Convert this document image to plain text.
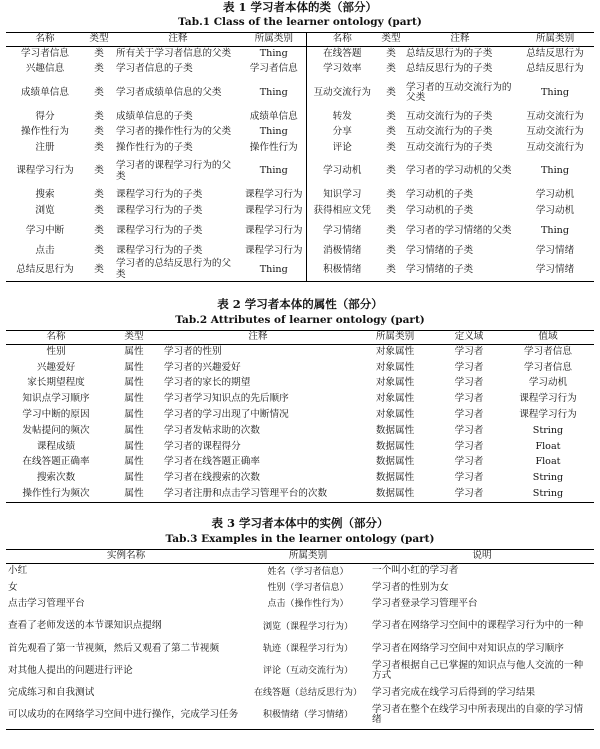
表 1 学习者本体的类（部分）
Tab.1 Class of the learner ontology (part)
名称	类型	注释	所属类别	名称	类型	注释	所属类别
学习者信息	类	所有关于学习者信息的父类	Thing	在线答题	类	总结反思行为的子类	总结反思行为
兴趣信息	类	学习者信息的子类	学习者信息	学习效率	类	总结反思行为的子类	总结反思行为
成绩单信息	类	学习者成绩单信息的父类	Thing	互动交流行为	类	学习者的互动交流行为的父类	Thing
得分	类	成绩单信息的子类	成绩单信息	转发	类	互动交流行为的子类	互动交流行为
操作性行为	类	学习者的操作性行为的父类	Thing	分享	类	互动交流行为的子类	互动交流行为
注册	类	操作性行为的子类	操作性行为	评论	类	互动交流行为的子类	互动交流行为
课程学习行为	类	学习者的课程学习行为的父类	Thing	学习动机	类	学习者的学习动机的父类	Thing
搜索	类	课程学习行为的子类	课程学习行为	知识学习	类	学习动机的子类	学习动机
浏览	类	课程学习行为的子类	课程学习行为	获得相应文凭	类	学习动机的子类	学习动机
学习中断	类	课程学习行为的子类	课程学习行为	学习情绪	类	学习者的学习情绪的父类	Thing
点击	类	课程学习行为的子类	课程学习行为	消极情绪	类	学习情绪的子类	学习情绪
总结反思行为	类	学习者的总结反思行为的父类	Thing	积极情绪	类	学习情绪的子类	学习情绪
表 2 学习者本体的属性（部分）
Tab.2 Attributes of learner ontology (part)
名称	类型	注释	所属类别	定义域	值域
性别	属性	学习者的性别	对象属性	学习者	学习者信息
兴趣爱好	属性	学习者的兴趣爱好	对象属性	学习者	学习者信息
家长期望程度	属性	学习者的家长的期望	对象属性	学习者	学习动机
知识点学习顺序	属性	学习者学习知识点的先后顺序	对象属性	学习者	课程学习行为
学习中断的原因	属性	学习者的学习出现了中断情况	对象属性	学习者	课程学习行为
发帖提问的频次	属性	学习者发帖求助的次数	数据属性	学习者	String
课程成绩	属性	学习者的课程得分	数据属性	学习者	Float
在线答题正确率	属性	学习者在线答题正确率	数据属性	学习者	Float
搜索次数	属性	学习者在线搜索的次数	数据属性	学习者	String
操作性行为频次	属性	学习者注册和点击学习管理平台的次数	数据属性	学习者	String
表 3 学习者本体中的实例（部分）
Tab.3 Examples in the learner ontology (part)
实例名称	所属类别	说明
小红	姓名（学习者信息）	一个叫小红的学习者
女	性别（学习者信息）	学习者的性别为女
点击学习管理平台	点击（操作性行为）	学习者登录学习管理平台
查看了老师发送的本节课知识点提纲	浏览（课程学习行为）	学习者在网络学习空间中的课程学习行为中的一种
首先观看了第一节视频，然后又观看了第二节视频	轨迹（课程学习行为）	学习者在网络学习空间中对知识点的学习顺序
对其他人提出的问题进行评论	评论（互动交流行为）	学习者根据自己已掌握的知识点与他人交流的一种方式
完成练习和自我测试	在线答题（总结反思行为）	学习者完成在线学习后得到的学习结果
可以成功的在网络学习空间中进行操作，完成学习任务	积极情绪（学习情绪）	学习者在整个在线学习中所表现出的自豪的学习情绪
